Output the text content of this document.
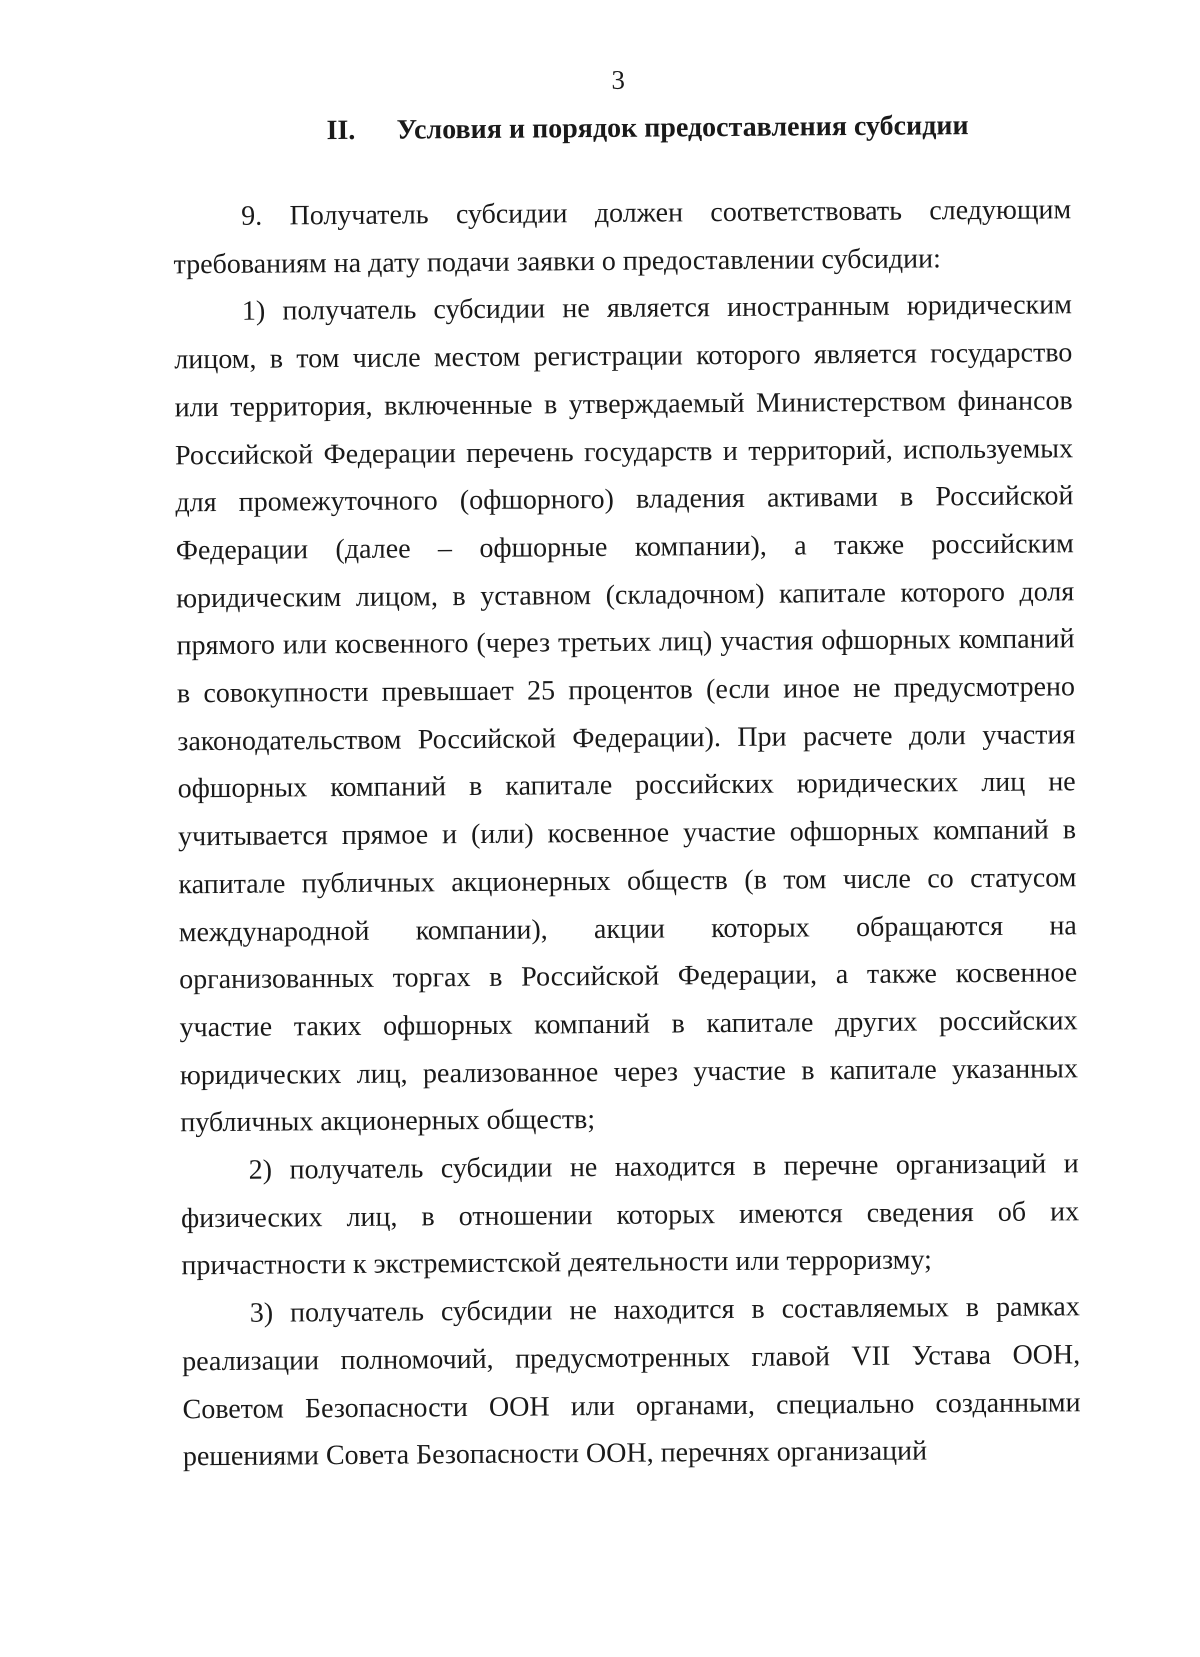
3
II. Условия и порядок предоставления субсидии

9. Получатель субсидии должен соответствовать следующим требованиям на дату подачи заявки о предоставлении субсидии:

1) получатель субсидии не является иностранным юридическим лицом, в том числе местом регистрации которого является государство или территория, включенные в утверждаемый Министерством финансов Российской Федерации перечень государств и территорий, используемых для промежуточного (офшорного) владения активами в Российской Федерации (далее – офшорные компании), а также российским юридическим лицом, в уставном (складочном) капитале которого доля прямого или косвенного (через третьих лиц) участия офшорных компаний в совокупности превышает 25 процентов (если иное не предусмотрено законодательством Российской Федерации). При расчете доли участия офшорных компаний в капитале российских юридических лиц не учитывается прямое и (или) косвенное участие офшорных компаний в капитале публичных акционерных обществ (в том числе со статусом международной компании), акции которых обращаются на организованных торгах в Российской Федерации, а также косвенное участие таких офшорных компаний в капитале других российских юридических лиц, реализованное через участие в капитале указанных публичных акционерных обществ;

2) получатель субсидии не находится в перечне организаций и физических лиц, в отношении которых имеются сведения об их причастности к экстремистской деятельности или терроризму;

3) получатель субсидии не находится в составляемых в рамках реализации полномочий, предусмотренных главой VII Устава ООН, Советом Безопасности ООН или органами, специально созданными решениями Совета Безопасности ООН, перечнях организаций
